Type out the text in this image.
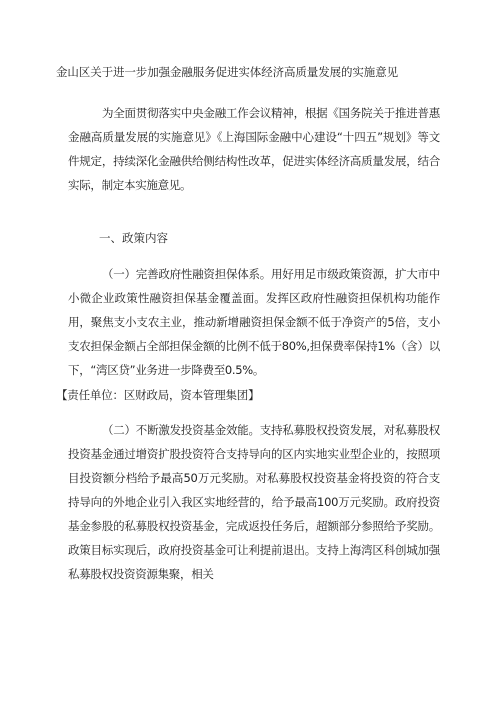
金山区关于进一步加强金融服务促进实体经济高质量发展的实施意见

为全面贯彻落实中央金融工作会议精神，根据《国务院关于推进普惠金融高质量发展的实施意见》《上海国际金融中心建设“十四五”规划》等文件规定，持续深化金融供给侧结构性改革，促进实体经济高质量发展，结合实际，制定本实施意见。

一、政策内容

（一）完善政府性融资担保体系。用好用足市级政策资源，扩大市中小微企业政策性融资担保基金覆盖面。发挥区政府性融资担保机构功能作用，聚焦支小支农主业，推动新增融资担保金额不低于净资产的5倍，支小支农担保金额占全部担保金额的比例不低于80%,担保费率保持1%（含）以下，“湾区贷”业务进一步降费至0.5%。

【责任单位：区财政局，资本管理集团】

（二）不断激发投资基金效能。支持私募股权投资发展，对私募股权投资基金通过增资扩股投资符合支持导向的区内实地实业型企业的，按照项目投资额分档给予最高50万元奖励。对私募股权投资基金将投资的符合支持导向的外地企业引入我区实地经营的，给予最高100万元奖励。政府投资基金参股的私募股权投资基金，完成返投任务后，超额部分参照给予奖励。政策目标实现后，政府投资基金可让利提前退出。支持上海湾区科创城加强私募股权投资资源集聚，相关
